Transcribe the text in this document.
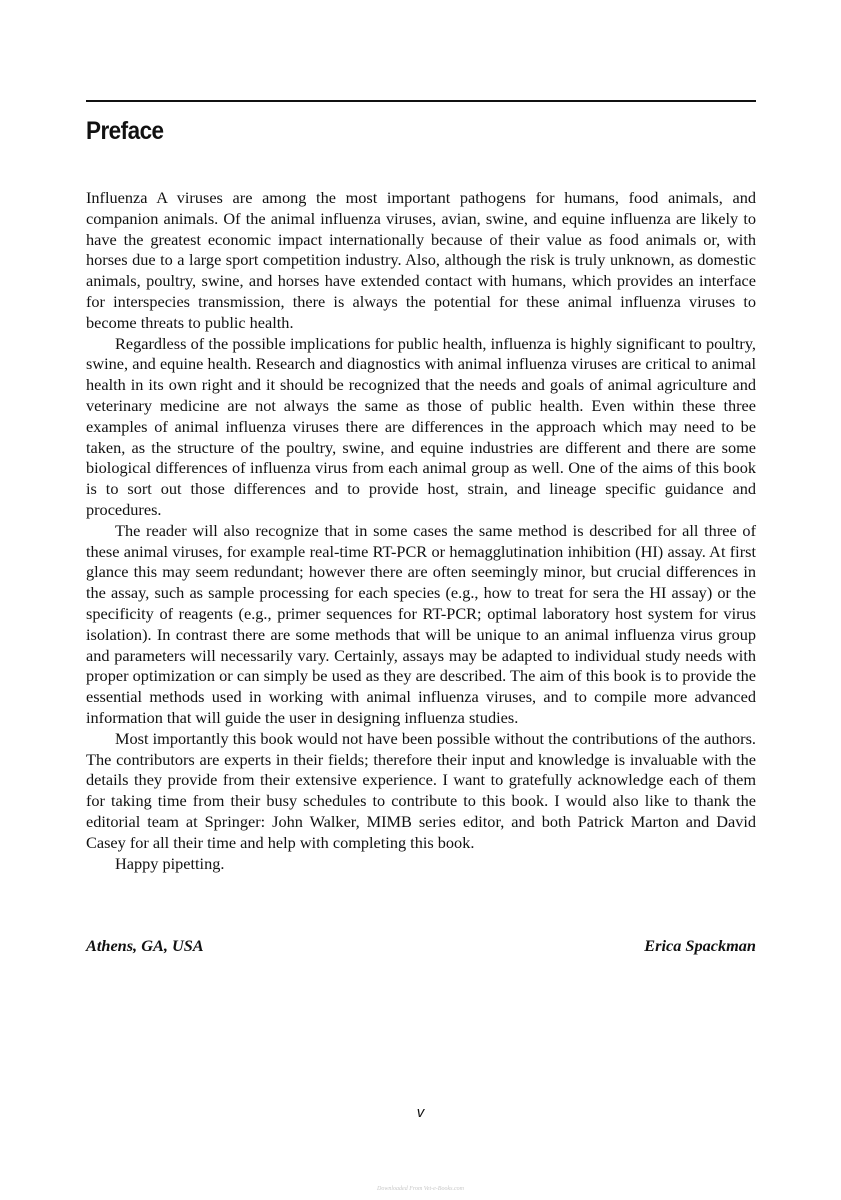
Preface

Influenza A viruses are among the most important pathogens for humans, food animals, and companion animals. Of the animal influenza viruses, avian, swine, and equine influenza are likely to have the greatest economic impact internationally because of their value as food animals or, with horses due to a large sport competition industry. Also, although the risk is truly unknown, as domestic animals, poultry, swine, and horses have extended contact with humans, which provides an interface for interspecies transmission, there is always the potential for these animal influenza viruses to become threats to public health.

Regardless of the possible implications for public health, influenza is highly significant to poultry, swine, and equine health. Research and diagnostics with animal influenza viruses are critical to animal health in its own right and it should be recognized that the needs and goals of animal agriculture and veterinary medicine are not always the same as those of public health. Even within these three examples of animal influenza viruses there are differences in the approach which may need to be taken, as the structure of the poultry, swine, and equine industries are different and there are some biological differences of influenza virus from each animal group as well. One of the aims of this book is to sort out those differences and to provide host, strain, and lineage specific guidance and procedures.

The reader will also recognize that in some cases the same method is described for all three of these animal viruses, for example real-time RT-PCR or hemagglutination inhibition (HI) assay. At first glance this may seem redundant; however there are often seemingly minor, but crucial differences in the assay, such as sample processing for each species (e.g., how to treat for sera the HI assay) or the specificity of reagents (e.g., primer sequences for RT-PCR; optimal laboratory host system for virus isolation). In contrast there are some methods that will be unique to an animal influenza virus group and parameters will necessarily vary. Certainly, assays may be adapted to individual study needs with proper optimization or can simply be used as they are described. The aim of this book is to provide the essential methods used in working with animal influenza viruses, and to compile more advanced information that will guide the user in designing influenza studies.

Most importantly this book would not have been possible without the contributions of the authors. The contributors are experts in their fields; therefore their input and knowledge is invaluable with the details they provide from their extensive experience. I want to gratefully acknowledge each of them for taking time from their busy schedules to contribute to this book. I would also like to thank the editorial team at Springer: John Walker, MIMB series editor, and both Patrick Marton and David Casey for all their time and help with completing this book.

Happy pipetting.

Athens, GA, USA	Erica Spackman
v
Downloaded From Vet-e-Books.com
